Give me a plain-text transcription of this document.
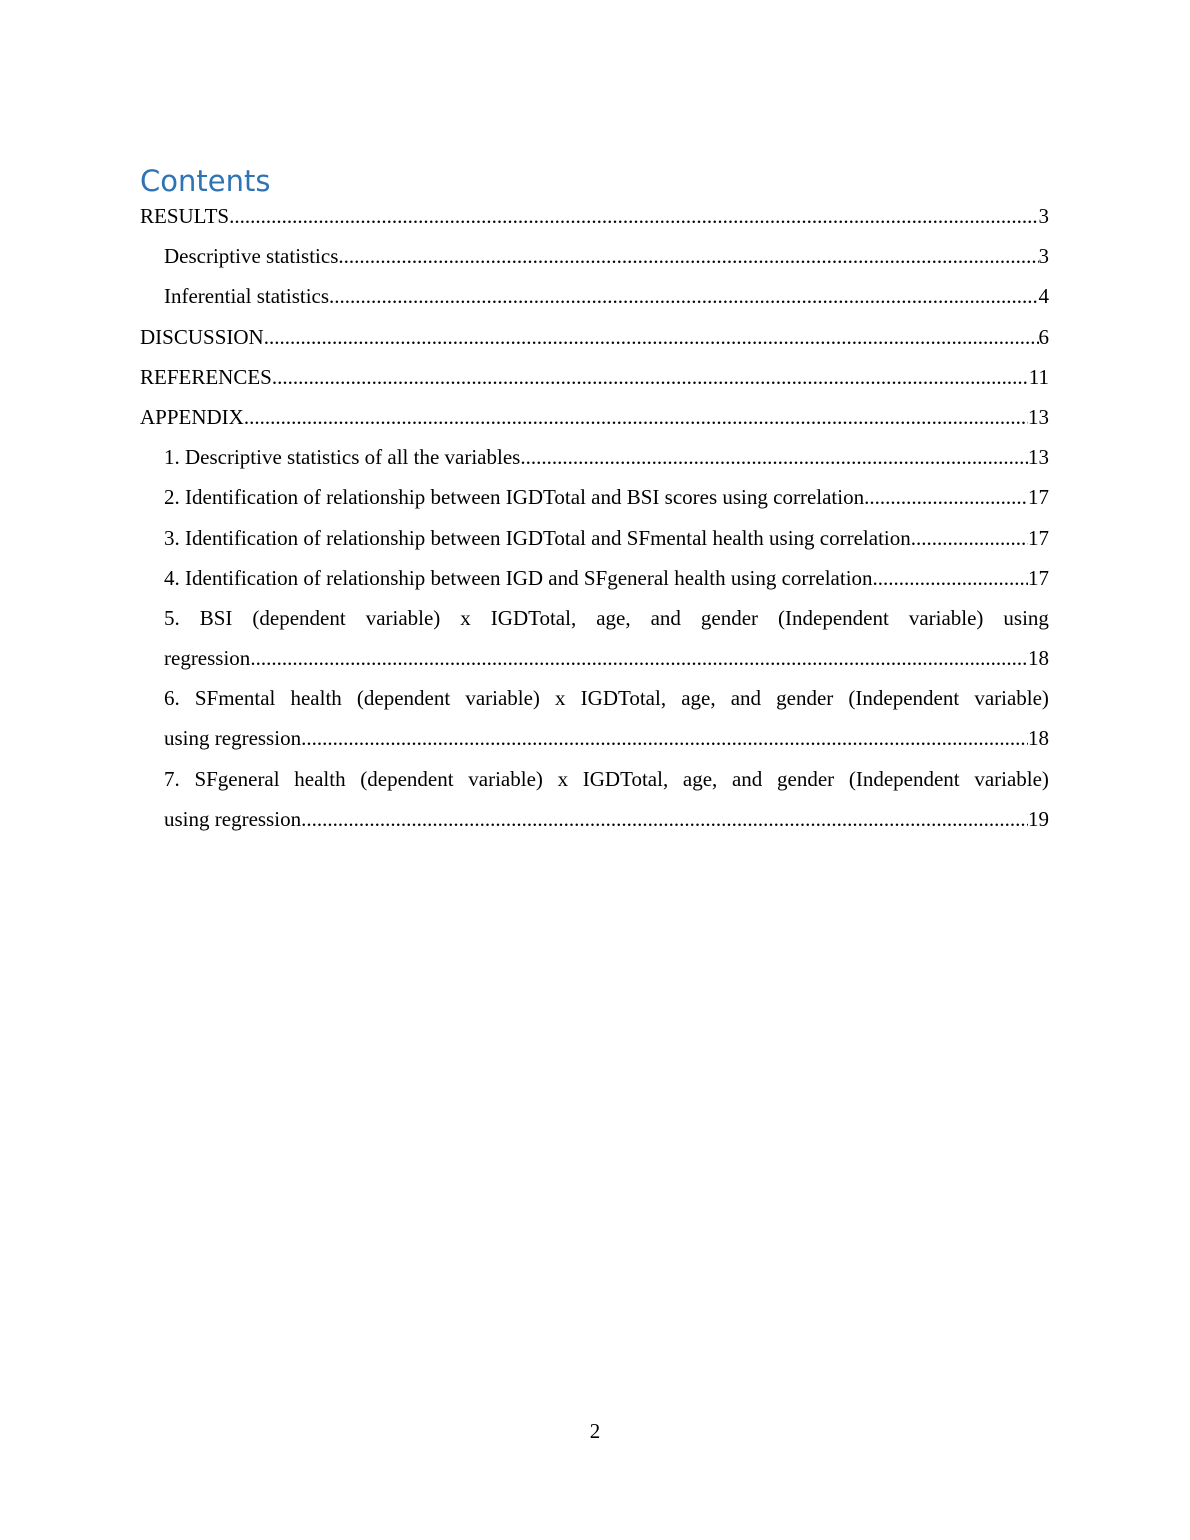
Contents
RESULTS .....	3
Descriptive statistics .....	3
Inferential statistics .....	4
DISCUSSION .....	6
REFERENCES .....	11
APPENDIX .....	13
1. Descriptive statistics of all the variables .....	13
2. Identification of relationship between IGDTotal and BSI scores using correlation .....	17
3. Identification of relationship between IGDTotal and SFmental health using correlation .....	17
4. Identification of relationship between IGD and SFgeneral health using correlation .....	17
5. BSI (dependent variable) x IGDTotal, age, and gender (Independent variable) using
regression .....	18
6. SFmental health (dependent variable) x IGDTotal, age, and gender (Independent variable)
using regression .....	18
7. SFgeneral health (dependent variable) x IGDTotal, age, and gender (Independent variable)
using regression .....	19
2
